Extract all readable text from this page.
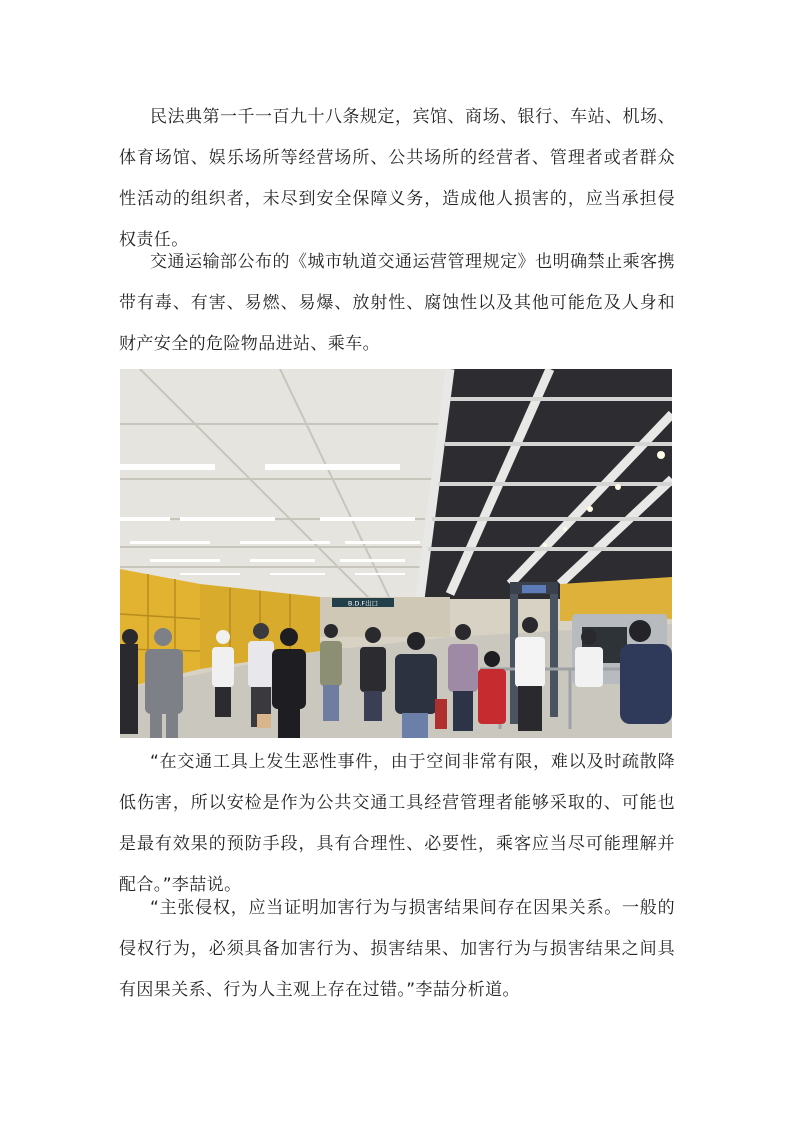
民法典第一千一百九十八条规定，宾馆、商场、银行、车站、机场、体育场馆、娱乐场所等经营场所、公共场所的经营者、管理者或者群众性活动的组织者，未尽到安全保障义务，造成他人损害的，应当承担侵权责任。

交通运输部公布的《城市轨道交通运营管理规定》也明确禁止乘客携带有毒、有害、易燃、易爆、放射性、腐蚀性以及其他可能危及人身和财产安全的危险物品进站、乘车。

B.D.F出口

“在交通工具上发生恶性事件，由于空间非常有限，难以及时疏散降低伤害，所以安检是作为公共交通工具经营管理者能够采取的、可能也是最有效果的预防手段，具有合理性、必要性，乘客应当尽可能理解并配合。”李喆说。

“主张侵权，应当证明加害行为与损害结果间存在因果关系。一般的侵权行为，必须具备加害行为、损害结果、加害行为与损害结果之间具有因果关系、行为人主观上存在过错。”李喆分析道。
